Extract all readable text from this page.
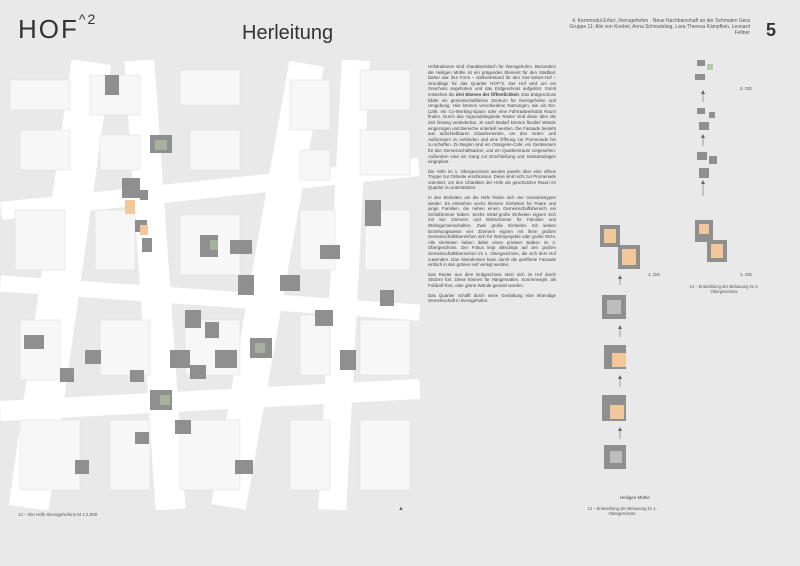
$HOF^{\^{}2}$
Herleitung
4. Kernmodul Erfurt, Ilversgehofen · Neue Nachbarschaft an der Schmalen Gera
Gruppe 11: Alix von Knebel, Anna Schmalstieg, Lara-Theresa Kämpflein, Leonard Fellner 5
12 – Die Höfe Ilversgehofens M 1:2.000
▲

Hofstrukturen sind charakteristisch für Ilversgehofen. Besonders die Heiligen Mühle ist ein prägendes Element für den Stadtteil. Daher war ihre Form – stellvertretend für den Vier-Seiten-Hof – Grundlage für das Quartier HOF^2. Der Hof wird um ein Geschoss angehoben und das Erdgeschoss aufgelöst. Somit entstehen die drei Ebenen der Öffentlichkeit. Das Erdgeschoss bildet ein gemeinschaftliches Zentrum für Ilversgehofen und Umgebung. Hier können verschiedene Nutzungen, wie ein Eis-Café, ein Co-Working-Space oder eine Fahrradwerkstatt Raum finden. Durch das zugrundeliegende Raster sind diese über die Zeit hinweg veränderbar. Je nach Bedarf können flexibel Wände eingezogen und Bereiche unterteilt werden. Die Fassade besteht aus aufschiebbaren Glaselementen, um den Innen- und Außenraum zu verbinden und eine Öffnung zur Promenade hin zu schaffen. Zu Beginn sind ein Orangerie-Café, ein Geräteraum für den Gemeinschaftsacker, und ein Quartiersraum vorgesehen. Außerdem sind ein Gang zur Erschließung und Sanitäranlagen eingeplant.

Die Höfe im 1. Obergeschoss werden jeweils über eine offene Treppe zur Ostseite erschlossen. Diese sind nicht zur Promenade orientiert, um den Charakter der Höfe als geschützten Raum im Quartier zu unterstützen.

In den Einheiten um die Höfe finden sich vier Grundrisstypen wieder: Es entstehen sechs kleinere Einheiten für Paare und junge Familien, die neben einem Gemeinschaftsbereich ein Schlafzimmer haben. Sechs mittel-große Einheiten eignen sich mit vier Zimmern und Wohnzimmer für Familien und Wohngemeinschaften. Zwei große Einheiten mit sieben beziehungsweise vier Zimmern eignen mit ihren großen Gemeinschaftsbereichen sich für Wohnprojekte oder große WGs. Alle Einheiten haben dabei einen privaten Balkon im 2. Obergeschoss. Der Fokus liegt allerdings auf den großen Gemeinschaftsbereichen im 1. Obergeschoss, die sich dem Hof zuwenden. Das Abendessen kann durch die geöffnete Fassade einfach in den grünen Hof verlegt werden.

Das Raster aus dem Erdgeschoss setzt sich im Hof durch Stützen fort. Diese können für Hängematten, Sonnensegel, als Fußball-Tore, oder grüne Wände genutzt werden.

Das Quartier schafft durch seine Gestaltung eine lebendige Gemeinschaft in Ilversgehofen.

1. OG
Heiligen Mühle
13 – Entwicklung der Bebauung im 1. Obergeschoss
2. OG
1. OG
14 – Entwicklung der Bebauung im 2. Obergeschoss
